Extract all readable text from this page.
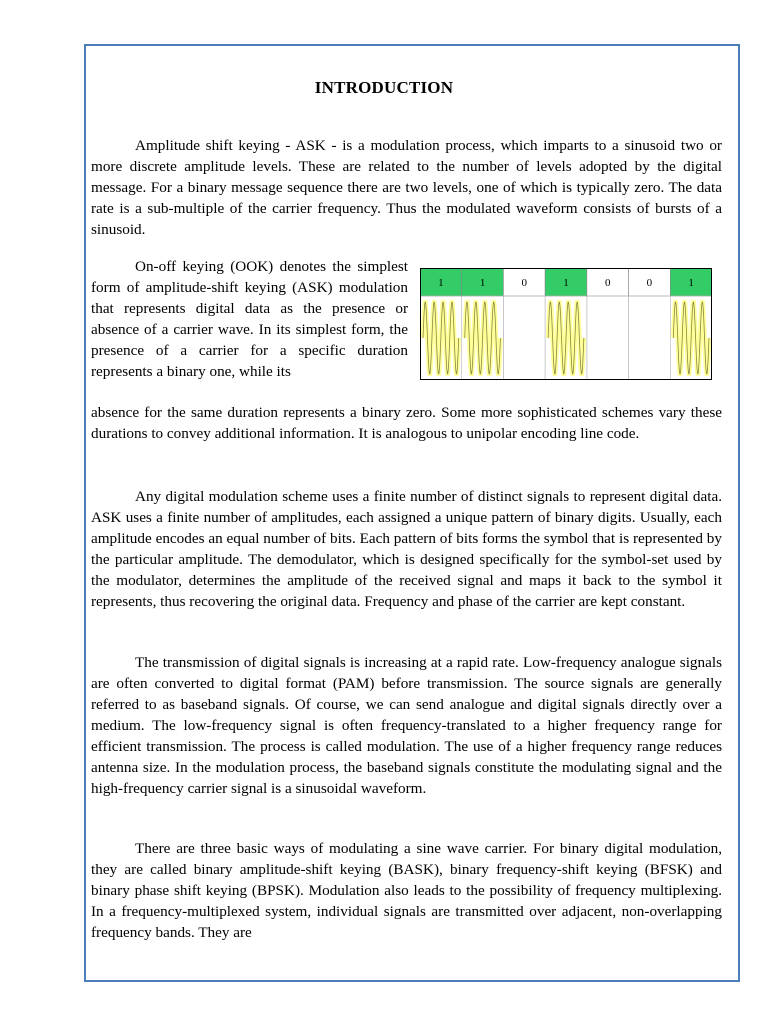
INTRODUCTION
Amplitude shift keying - ASK - is a modulation process, which imparts to a sinusoid two or more discrete amplitude levels. These are related to the number of levels adopted by the digital message. For a binary message sequence there are two levels, one of which is typically zero. The data rate is a sub-multiple of the carrier frequency. Thus the modulated waveform consists of bursts of a sinusoid.
On-off keying (OOK) denotes the simplest form of amplitude-shift keying (ASK) modulation that represents digital data as the presence or absence of a carrier wave. In its simplest form, the presence of a carrier for a specific duration represents a binary one, while its
1	1	0	1	0	0	1
absence for the same duration represents a binary zero. Some more sophisticated schemes vary these durations to convey additional information. It is analogous to unipolar encoding line code.
Any digital modulation scheme uses a finite number of distinct signals to represent digital data. ASK uses a finite number of amplitudes, each assigned a unique pattern of binary digits. Usually, each amplitude encodes an equal number of bits. Each pattern of bits forms the symbol that is represented by the particular amplitude. The demodulator, which is designed specifically for the symbol-set used by the modulator, determines the amplitude of the received signal and maps it back to the symbol it represents, thus recovering the original data. Frequency and phase of the carrier are kept constant.
The transmission of digital signals is increasing at a rapid rate. Low-frequency analogue signals are often converted to digital format (PAM) before transmission. The source signals are generally referred to as baseband signals. Of course, we can send analogue and digital signals directly over a medium. The low-frequency signal is often frequency-translated to a higher frequency range for efficient transmission. The process is called modulation. The use of a higher frequency range reduces antenna size. In the modulation process, the baseband signals constitute the modulating signal and the high-frequency carrier signal is a sinusoidal waveform.
There are three basic ways of modulating a sine wave carrier. For binary digital modulation, they are called binary amplitude-shift keying (BASK), binary frequency-shift keying (BFSK) and binary phase shift keying (BPSK). Modulation also leads to the possibility of frequency multiplexing. In a frequency-multiplexed system, individual signals are transmitted over adjacent, non-overlapping frequency bands. They are
